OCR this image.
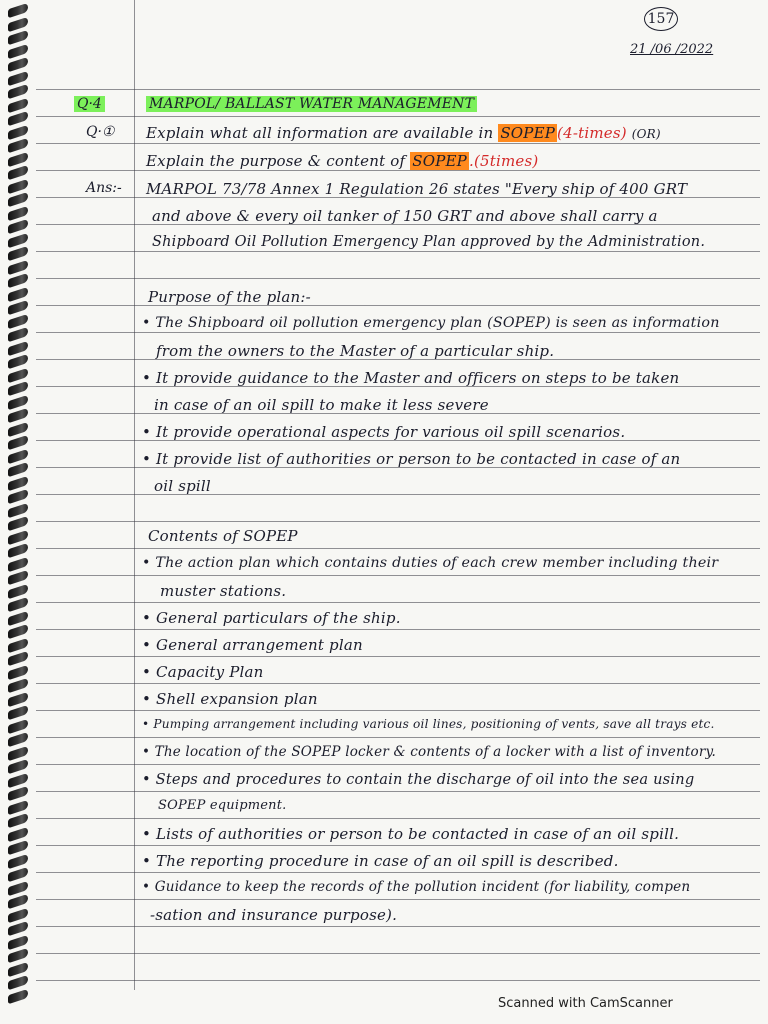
157
21 /06 /2022
Q·4	MARPOL/ BALLAST WATER MANAGEMENT
Q·① Explain what all information are available in SOPEP (4-times) (OR)
Explain the purpose & content of SOPEP .(5times)
Ans:- MARPOL 73/78 Annex 1 Regulation 26 states "Every ship of 400 GRT
and above & every oil tanker of 150 GRT and above shall carry a
Shipboard Oil Pollution Emergency Plan approved by the Administration.
Purpose of the plan:-
• The Shipboard oil pollution emergency plan (SOPEP) is seen as information
from the owners to the Master of a particular ship.
• It provide guidance to the Master and officers on steps to be taken
in case of an oil spill to make it less severe
• It provide operational aspects for various oil spill scenarios.
• It provide list of authorities or person to be contacted in case of an
oil spill
Contents of SOPEP
• The action plan which contains duties of each crew member including their
muster stations.
• General particulars of the ship.
• General arrangement plan
• Capacity Plan
• Shell expansion plan
• Pumping arrangement including various oil lines, positioning of vents, save all trays etc.
• The location of the SOPEP locker & contents of a locker with a list of inventory.
• Steps and procedures to contain the discharge of oil into the sea using
SOPEP equipment.
• Lists of authorities or person to be contacted in case of an oil spill.
• The reporting procedure in case of an oil spill is described.
• Guidance to keep the records of the pollution incident (for liability, compen
-sation and insurance purpose).
Scanned with CamScanner
